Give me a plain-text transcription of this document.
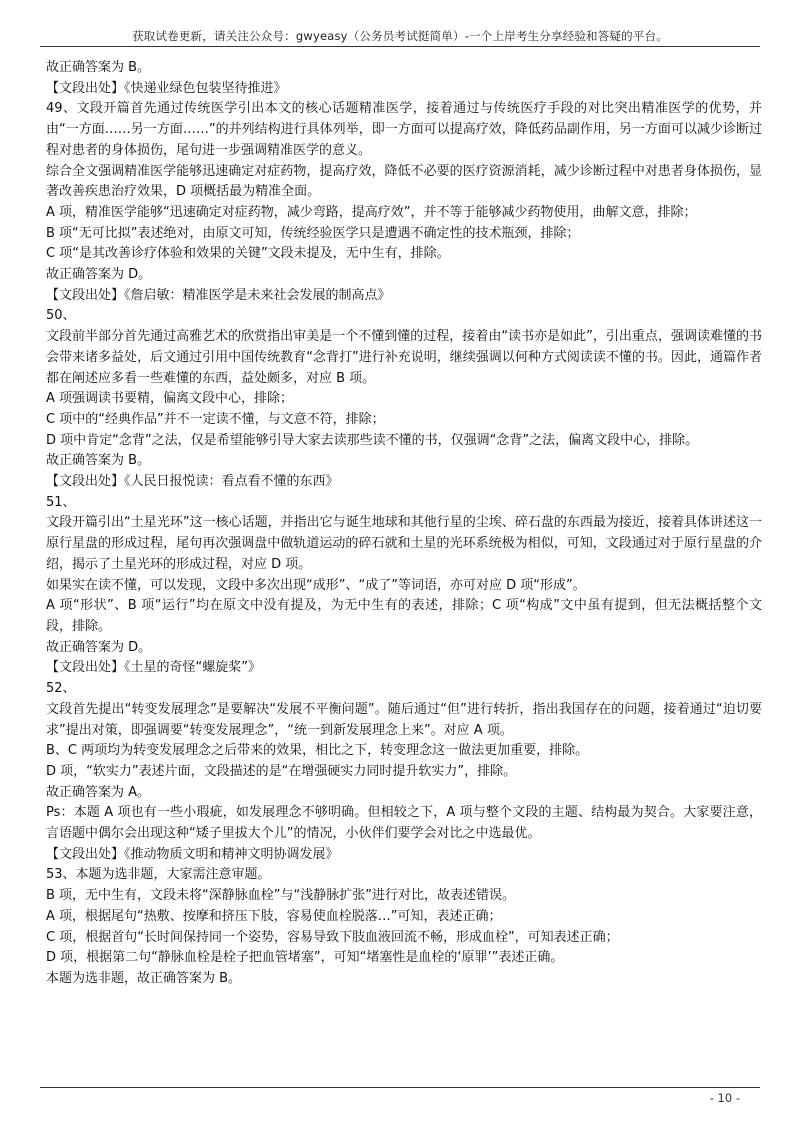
获取试卷更新，请关注公众号：gwyeasy（公务员考试挺简单）-一个上岸考生分享经验和答疑的平台。

故正确答案为 B。

【文段出处】《快递业绿色包装坚待推进》

49、文段开篇首先通过传统医学引出本文的核心话题精准医学，接着通过与传统医疗手段的对比突出精准医学的优势，并由“一方面……另一方面……”的并列结构进行具体列举，即一方面可以提高疗效，降低药品副作用，另一方面可以减少诊断过程对患者的身体损伤，尾句进一步强调精准医学的意义。

综合全文强调精准医学能够迅速确定对症药物，提高疗效，降低不必要的医疗资源消耗，减少诊断过程中对患者身体损伤，显著改善疾患治疗效果，D 项概括最为精准全面。

A 项，精准医学能够“迅速确定对症药物，减少弯路，提高疗效”，并不等于能够减少药物使用，曲解文意，排除；

B 项“无可比拟”表述绝对，由原文可知，传统经验医学只是遭遇不确定性的技术瓶颈，排除；

C 项“是其改善诊疗体验和效果的关键”文段未提及，无中生有，排除。

故正确答案为 D。

【文段出处】《詹启敏：精准医学是未来社会发展的制高点》

50、

文段前半部分首先通过高雅艺术的欣赏指出审美是一个不懂到懂的过程，接着由“读书亦是如此”，引出重点，强调读难懂的书会带来诸多益处，后文通过引用中国传统教育“念背打”进行补充说明，继续强调以何种方式阅读读不懂的书。因此，通篇作者都在阐述应多看一些难懂的东西，益处颇多，对应 B 项。

A 项强调读书要精，偏离文段中心，排除；

C 项中的“经典作品”并不一定读不懂，与文意不符，排除；

D 项中肯定“念背”之法，仅是希望能够引导大家去读那些读不懂的书，仅强调“念背”之法，偏离文段中心，排除。

故正确答案为 B。

【文段出处】《人民日报悦读：看点看不懂的东西》

51、

文段开篇引出“土星光环”这一核心话题，并指出它与诞生地球和其他行星的尘埃、碎石盘的东西最为接近，接着具体讲述这一原行星盘的形成过程，尾句再次强调盘中做轨道运动的碎石就和土星的光环系统极为相似，可知，文段通过对于原行星盘的介绍，揭示了土星光环的形成过程，对应 D 项。

如果实在读不懂，可以发现，文段中多次出现“成形”、“成了”等词语，亦可对应 D 项“形成”。

A 项“形状”、B 项“运行”均在原文中没有提及，为无中生有的表述，排除；C 项“构成”文中虽有提到，但无法概括整个文段，排除。

故正确答案为 D。

【文段出处】《土星的奇怪“螺旋桨”》

52、

文段首先提出“转变发展理念”是要解决“发展不平衡问题”。随后通过“但”进行转折，指出我国存在的问题，接着通过“迫切要求”提出对策，即强调要“转变发展理念”，“统一到新发展理念上来”。对应 A 项。

B、C 两项均为转变发展理念之后带来的效果，相比之下，转变理念这一做法更加重要，排除。

D 项，“软实力”表述片面，文段描述的是“在增强硬实力同时提升软实力”，排除。

故正确答案为 A。

Ps：本题 A 项也有一些小瑕疵，如发展理念不够明确。但相较之下，A 项与整个文段的主题、结构最为契合。大家要注意，言语题中偶尔会出现这种“矮子里拔大个儿”的情况，小伙伴们要学会对比之中选最优。

【文段出处】《推动物质文明和精神文明协调发展》

53、本题为选非题，大家需注意审题。

B 项，无中生有，文段未将“深静脉血栓”与“浅静脉扩张”进行对比，故表述错误。

A 项，根据尾句“热敷、按摩和挤压下肢，容易使血栓脱落…”可知，表述正确；

C 项，根据首句“长时间保持同一个姿势，容易导致下肢血液回流不畅，形成血栓”，可知表述正确；

D 项，根据第二句“静脉血栓是栓子把血管堵塞”，可知“堵塞性是血栓的‘原罪’”表述正确。

本题为选非题，故正确答案为 B。

- 10 -
